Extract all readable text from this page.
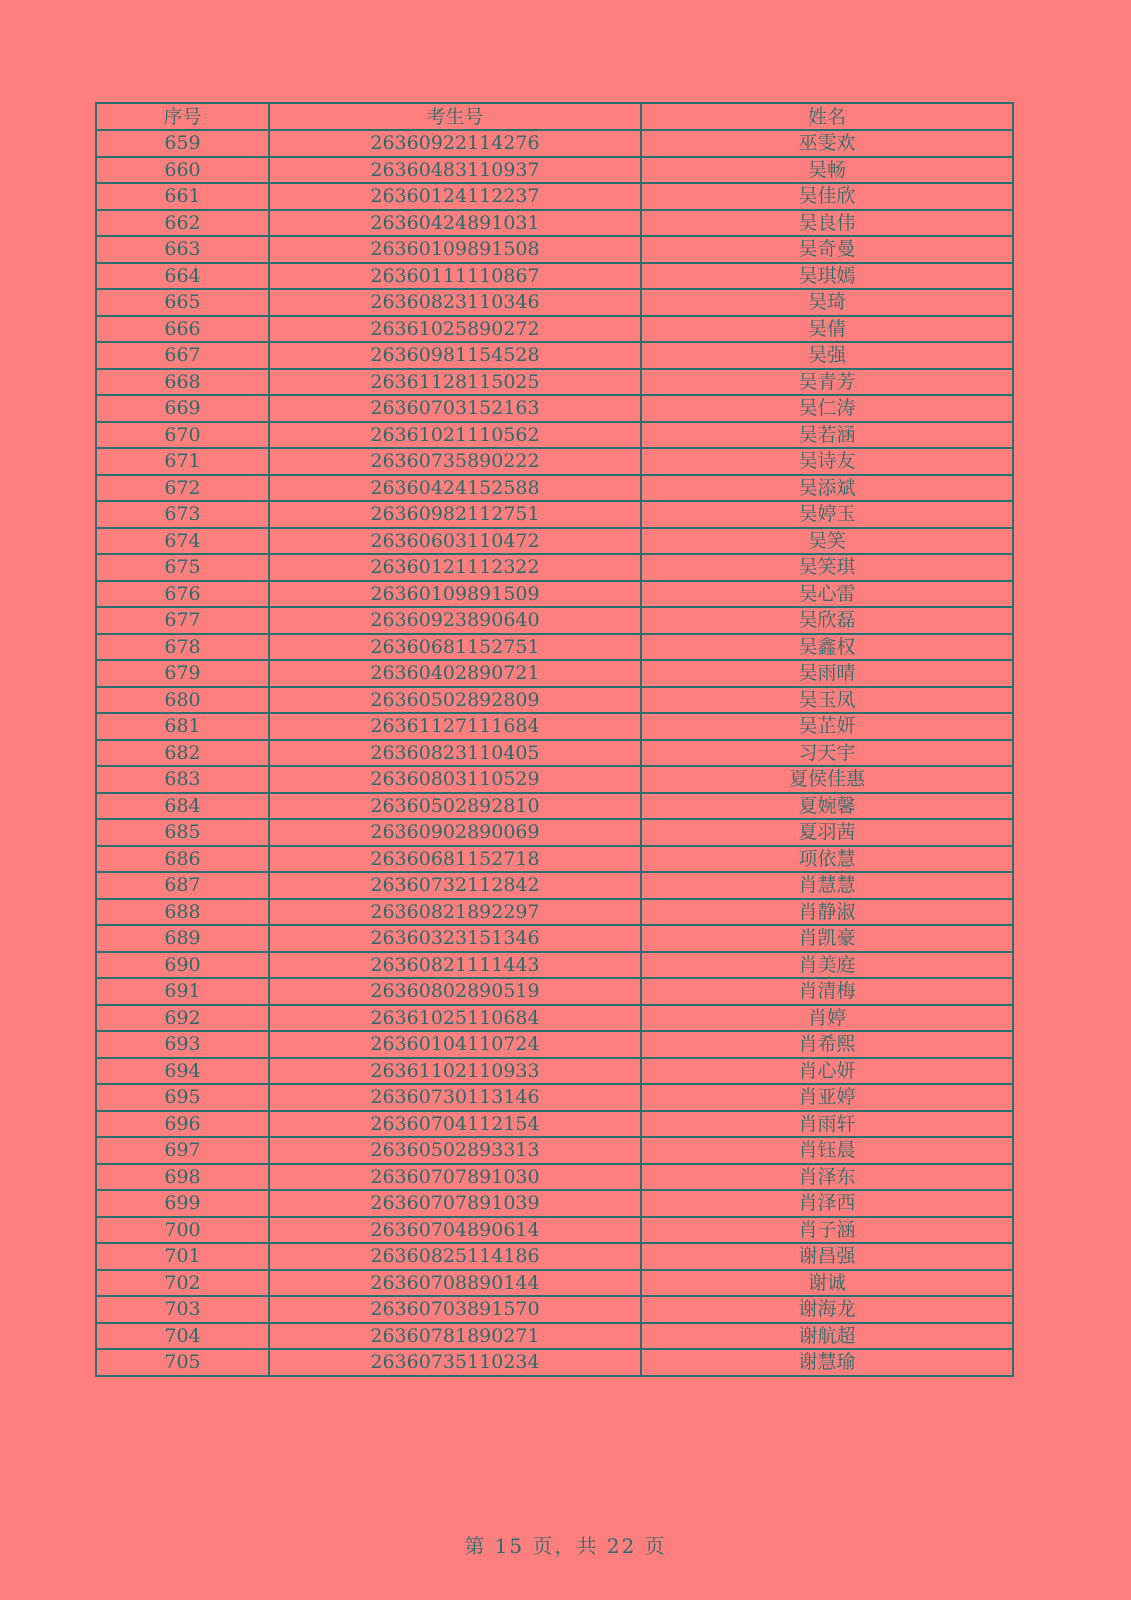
序号	考生号	姓名
659	26360922114276	巫雯欢
660	26360483110937	吴畅
661	26360124112237	吴佳欣
662	26360424891031	吴良伟
663	26360109891508	吴奇曼
664	26360111110867	吴琪嫣
665	26360823110346	吴琦
666	26361025890272	吴倩
667	26360981154528	吴强
668	26361128115025	吴青芳
669	26360703152163	吴仁涛
670	26361021110562	吴若涵
671	26360735890222	吴诗友
672	26360424152588	吴添斌
673	26360982112751	吴婷玉
674	26360603110472	吴笑
675	26360121112322	吴笑琪
676	26360109891509	吴心雷
677	26360923890640	吴欣磊
678	26360681152751	吴鑫权
679	26360402890721	吴雨晴
680	26360502892809	吴玉凤
681	26361127111684	吴芷妍
682	26360823110405	习天宇
683	26360803110529	夏侯佳惠
684	26360502892810	夏婉馨
685	26360902890069	夏羽茜
686	26360681152718	项依慧
687	26360732112842	肖慧慧
688	26360821892297	肖静淑
689	26360323151346	肖凯豪
690	26360821111443	肖美庭
691	26360802890519	肖清梅
692	26361025110684	肖婷
693	26360104110724	肖希熙
694	26361102110933	肖心妍
695	26360730113146	肖亚婷
696	26360704112154	肖雨轩
697	26360502893313	肖钰晨
698	26360707891030	肖泽东
699	26360707891039	肖泽西
700	26360704890614	肖子涵
701	26360825114186	谢昌强
702	26360708890144	谢诚
703	26360703891570	谢海龙
704	26360781890271	谢航超
705	26360735110234	谢慧瑜
第 15 页，共 22 页
